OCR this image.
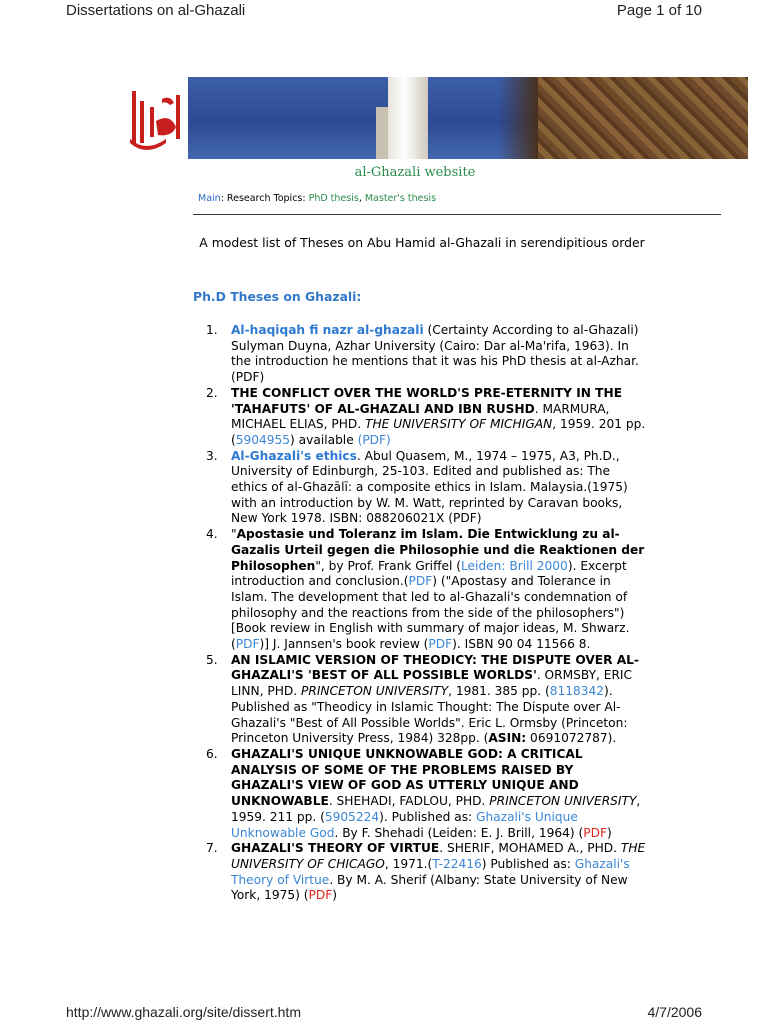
Dissertations on al-Ghazali	Page 1 of 10
al-Ghazali website
Main: Research Topics: PhD thesis, Master's thesis
A modest list of Theses on Abu Hamid al-Ghazali in serendipitious order
Ph.D Theses on Ghazali:
1. Al-haqiqah fi nazr al-ghazali (Certainty According to al-Ghazali) Sulyman Duyna, Azhar University (Cairo: Dar al-Ma'rifa, 1963). In the introduction he mentions that it was his PhD thesis at al-Azhar. (PDF)
2. THE CONFLICT OVER THE WORLD'S PRE-ETERNITY IN THE 'TAHAFUTS' OF AL-GHAZALI AND IBN RUSHD. MARMURA, MICHAEL ELIAS, PHD. THE UNIVERSITY OF MICHIGAN, 1959. 201 pp. (5904955) available (PDF)
3. Al-Ghazali's ethics. Abul Quasem, M., 1974 – 1975, A3, Ph.D., University of Edinburgh, 25-103. Edited and published as: The ethics of al-Ghazālī: a composite ethics in Islam. Malaysia.(1975) with an introduction by W. M. Watt, reprinted by Caravan books, New York 1978. ISBN: 088206021X (PDF)
4. "Apostasie und Toleranz im Islam. Die Entwicklung zu al-Gazalis Urteil gegen die Philosophie und die Reaktionen der Philosophen", by Prof. Frank Griffel (Leiden: Brill 2000). Excerpt introduction and conclusion.(PDF) ("Apostasy and Tolerance in Islam. The development that led to al-Ghazali's condemnation of philosophy and the reactions from the side of the philosophers") [Book review in English with summary of major ideas, M. Shwarz. (PDF)] J. Jannsen's book review (PDF). ISBN 90 04 11566 8.
5. AN ISLAMIC VERSION OF THEODICY: THE DISPUTE OVER AL-GHAZALI'S 'BEST OF ALL POSSIBLE WORLDS'. ORMSBY, ERIC LINN, PHD. PRINCETON UNIVERSITY, 1981. 385 pp. (8118342). Published as "Theodicy in Islamic Thought: The Dispute over Al-Ghazali's "Best of All Possible Worlds". Eric L. Ormsby (Princeton: Princeton University Press, 1984) 328pp. (ASIN: 0691072787).
6. GHAZALI'S UNIQUE UNKNOWABLE GOD: A CRITICAL ANALYSIS OF SOME OF THE PROBLEMS RAISED BY GHAZALI'S VIEW OF GOD AS UTTERLY UNIQUE AND UNKNOWABLE. SHEHADI, FADLOU, PHD. PRINCETON UNIVERSITY, 1959. 211 pp. (5905224). Published as: Ghazali's Unique Unknowable God. By F. Shehadi (Leiden: E. J. Brill, 1964) (PDF)
7. GHAZALI'S THEORY OF VIRTUE. SHERIF, MOHAMED A., PHD. THE UNIVERSITY OF CHICAGO, 1971.(T-22416) Published as: Ghazali's Theory of Virtue. By M. A. Sherif (Albany: State University of New York, 1975) (PDF)
http://www.ghazali.org/site/dissert.htm	4/7/2006
